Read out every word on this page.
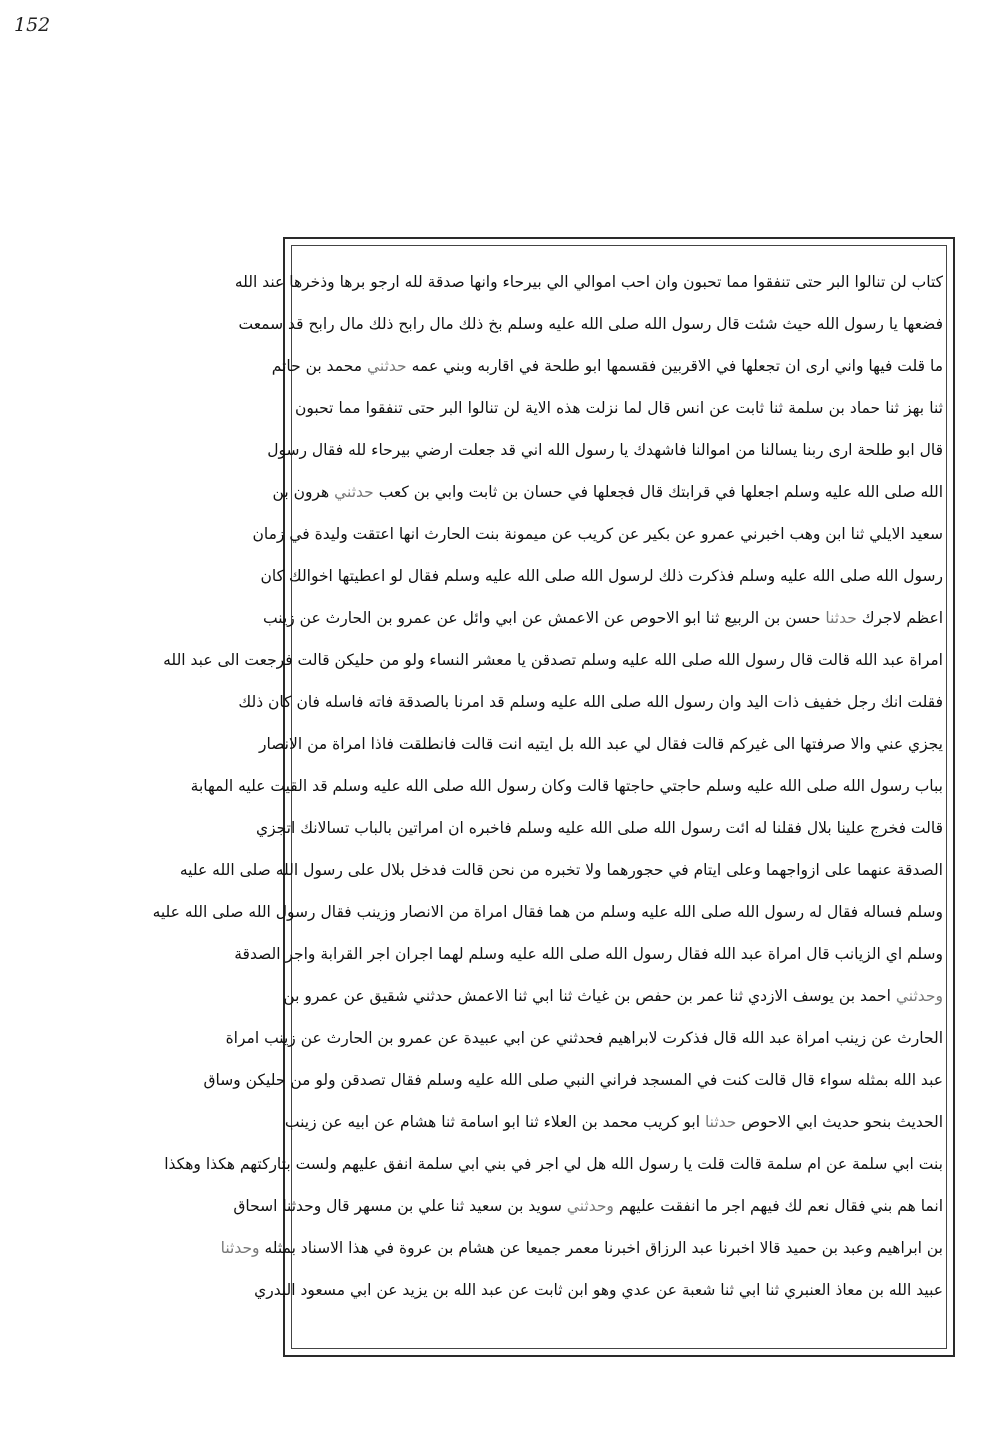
152
كتاب لن تنالوا البر حتى تنفقوا مما تحبون وان احب اموالي الي بيرحاء وانها صدقة لله ارجو برها وذخرها عند الله
فضعها يا رسول الله حيث شئت قال رسول الله صلى الله عليه وسلم بخ ذلك مال رابح ذلك مال رابح قد سمعت
ما قلت فيها واني ارى ان تجعلها في الاقربين فقسمها ابو طلحة في اقاربه وبني عمه حدثني محمد بن حاتم
ثنا بهز ثنا حماد بن سلمة ثنا ثابت عن انس قال لما نزلت هذه الاية لن تنالوا البر حتى تنفقوا مما تحبون
قال ابو طلحة ارى ربنا يسالنا من اموالنا فاشهدك يا رسول الله اني قد جعلت ارضي بيرحاء لله فقال رسول
الله صلى الله عليه وسلم اجعلها في قرابتك قال فجعلها في حسان بن ثابت وابي بن كعب حدثني هرون بن
سعيد الايلي ثنا ابن وهب اخبرني عمرو عن بكير عن كريب عن ميمونة بنت الحارث انها اعتقت وليدة في زمان
رسول الله صلى الله عليه وسلم فذكرت ذلك لرسول الله صلى الله عليه وسلم فقال لو اعطيتها اخوالك كان
اعظم لاجرك حدثنا حسن بن الربيع ثنا ابو الاحوص عن الاعمش عن ابي وائل عن عمرو بن الحارث عن زينب
امراة عبد الله قالت قال رسول الله صلى الله عليه وسلم تصدقن يا معشر النساء ولو من حليكن قالت فرجعت الى عبد الله
فقلت انك رجل خفيف ذات اليد وان رسول الله صلى الله عليه وسلم قد امرنا بالصدقة فاته فاسله فان كان ذلك
يجزي عني والا صرفتها الى غيركم قالت فقال لي عبد الله بل ايتيه انت قالت فانطلقت فاذا امراة من الانصار
بباب رسول الله صلى الله عليه وسلم حاجتي حاجتها قالت وكان رسول الله صلى الله عليه وسلم قد القيت عليه المهابة
قالت فخرج علينا بلال فقلنا له ائت رسول الله صلى الله عليه وسلم فاخبره ان امراتين بالباب تسالانك اتجزي
الصدقة عنهما على ازواجهما وعلى ايتام في حجورهما ولا تخبره من نحن قالت فدخل بلال على رسول الله صلى الله عليه
وسلم فساله فقال له رسول الله صلى الله عليه وسلم من هما فقال امراة من الانصار وزينب فقال رسول الله صلى الله عليه
وسلم اي الزيانب قال امراة عبد الله فقال رسول الله صلى الله عليه وسلم لهما اجران اجر القرابة واجر الصدقة
وحدثني احمد بن يوسف الازدي ثنا عمر بن حفص بن غياث ثنا ابي ثنا الاعمش حدثني شقيق عن عمرو بن
الحارث عن زينب امراة عبد الله قال فذكرت لابراهيم فحدثني عن ابي عبيدة عن عمرو بن الحارث عن زينب امراة
عبد الله بمثله سواء قال قالت كنت في المسجد فراني النبي صلى الله عليه وسلم فقال تصدقن ولو من حليكن وساق
الحديث بنحو حديث ابي الاحوص حدثنا ابو كريب محمد بن العلاء ثنا ابو اسامة ثنا هشام عن ابيه عن زينب
بنت ابي سلمة عن ام سلمة قالت قلت يا رسول الله هل لي اجر في بني ابي سلمة انفق عليهم ولست بتاركتهم هكذا وهكذا
انما هم بني فقال نعم لك فيهم اجر ما انفقت عليهم وحدثني سويد بن سعيد ثنا علي بن مسهر قال وحدثنا اسحاق
بن ابراهيم وعبد بن حميد قالا اخبرنا عبد الرزاق اخبرنا معمر جميعا عن هشام بن عروة في هذا الاسناد بمثله وحدثنا
عبيد الله بن معاذ العنبري ثنا ابي ثنا شعبة عن عدي وهو ابن ثابت عن عبد الله بن يزيد عن ابي مسعود البدري
